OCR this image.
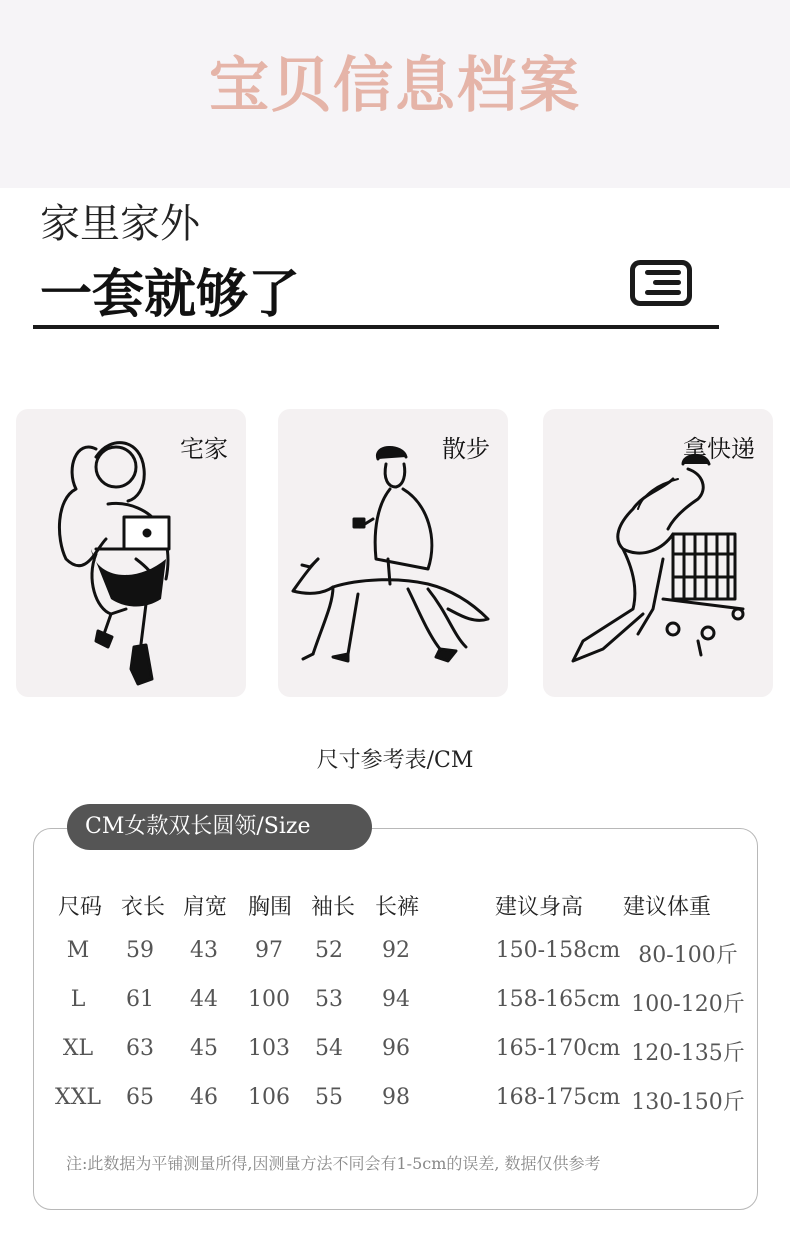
宝贝信息档案
家里家外
一套就够了
宅家	散步	拿快递
尺寸参考表/CM
CM女款双长圆领/Size
尺码 衣长 肩宽 胸围 袖长 长裤	建议身高	建议体重
M	59	43	97	52	92	150-158cm 80-100斤
L	61	44	100	53	94	158-165cm 100-120斤
XL	63	45	103	54	96	165-170cm 120-135斤
XXL	65	46	106	55	98	168-175cm 130-150斤
注:此数据为平铺测量所得,因测量方法不同会有1-5cm的误差, 数据仅供参考
